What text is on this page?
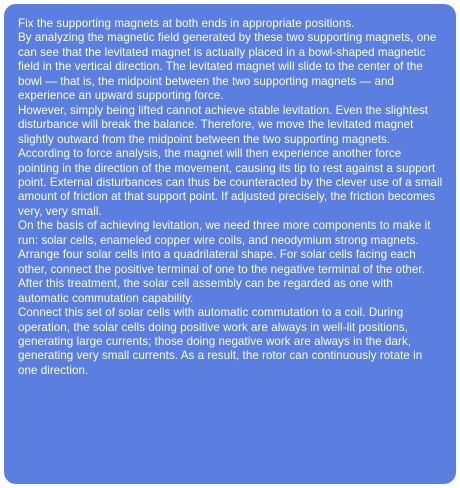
Fix the supporting magnets at both ends in appropriate positions.
By analyzing the magnetic field generated by these two supporting magnets, one can see that the levitated magnet is actually placed in a bowl-shaped magnetic field in the vertical direction. The levitated magnet will slide to the center of the bowl — that is, the midpoint between the two supporting magnets — and experience an upward supporting force.
However, simply being lifted cannot achieve stable levitation. Even the slightest disturbance will break the balance. Therefore, we move the levitated magnet slightly outward from the midpoint between the two supporting magnets. According to force analysis, the magnet will then experience another force pointing in the direction of the movement, causing its tip to rest against a support point. External disturbances can thus be counteracted by the clever use of a small amount of friction at that support point. If adjusted precisely, the friction becomes very, very small.
On the basis of achieving levitation, we need three more components to make it run: solar cells, enameled copper wire coils, and neodymium strong magnets.
Arrange four solar cells into a quadrilateral shape. For solar cells facing each other, connect the positive terminal of one to the negative terminal of the other. After this treatment, the solar cell assembly can be regarded as one with automatic commutation capability.
Connect this set of solar cells with automatic commutation to a coil. During operation, the solar cells doing positive work are always in well-lit positions, generating large currents; those doing negative work are always in the dark, generating very small currents. As a result, the rotor can continuously rotate in one direction.
